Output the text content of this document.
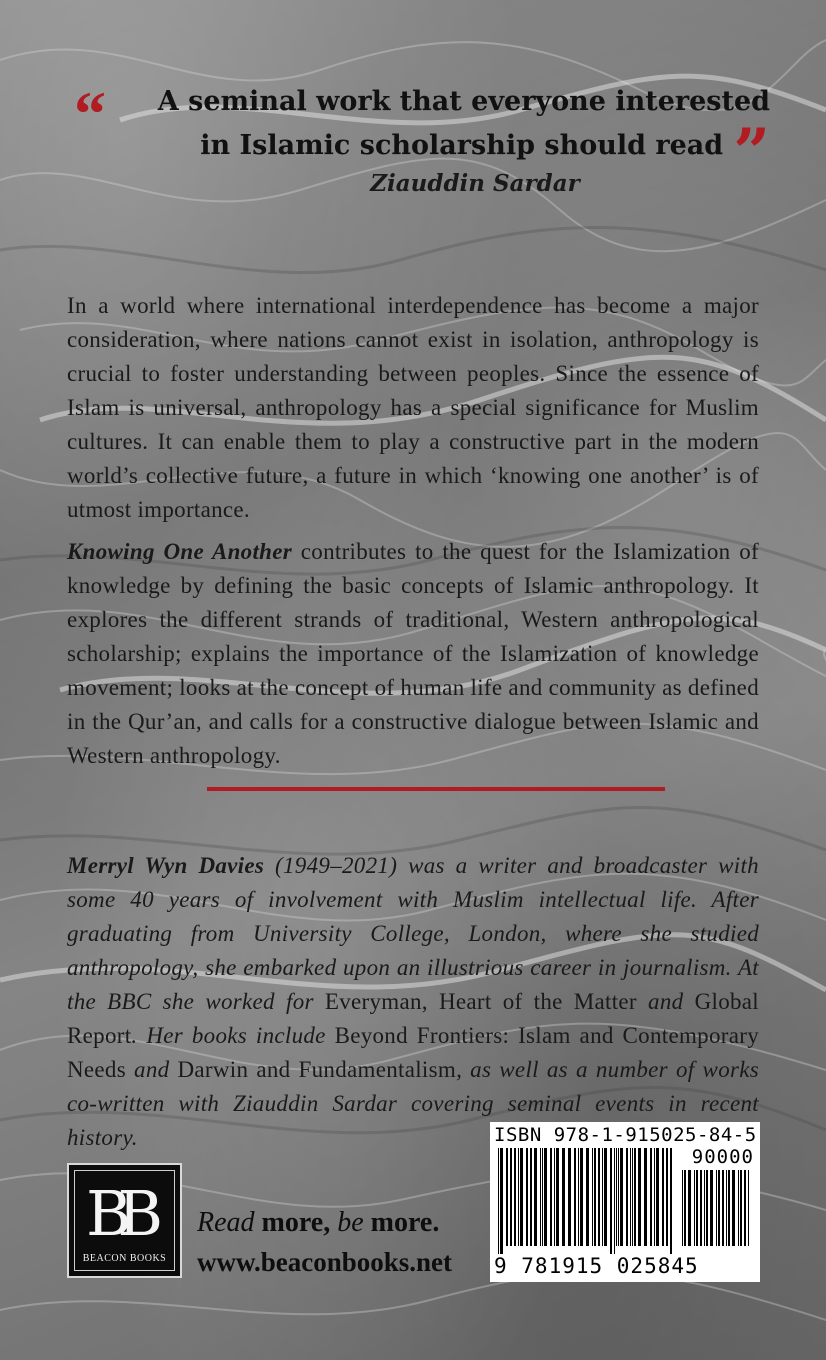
“	A seminal work that everyone interested
in Islamic scholarship should read ”
Ziauddin Sardar

In a world where international interdependence has become a major consideration, where nations cannot exist in isolation, anthropology is crucial to foster understanding between peoples. Since the essence of Islam is universal, anthropology has a special significance for Muslim cultures. It can enable them to play a constructive part in the modern world’s collective future, a future in which ‘knowing one another’ is of utmost importance.

Knowing One Another contributes to the quest for the Islamization of knowledge by defining the basic concepts of Islamic anthropology. It explores the different strands of traditional, Western anthropological scholarship; explains the importance of the Islamization of knowledge movement; looks at the concept of human life and community as defined in the Qur’an, and calls for a constructive dialogue between Islamic and Western anthropology.

Merryl Wyn Davies (1949–2021) was a writer and broadcaster with some 40 years of involvement with Muslim intellectual life. After graduating from University College, London, where she studied anthropology, she embarked upon an illustrious career in journalism. At the BBC she worked for Everyman, Heart of the Matter and Global Report. Her books include Beyond Frontiers: Islam and Contemporary Needs and Darwin and Fundamentalism, as well as a number of works co-written with Ziauddin Sardar covering seminal events in recent history.

BB
BEACON BOOKS
Read more, be more.
www.beaconbooks.net
ISBN 978-1-915025-84-5
90000
9 781915 025845
